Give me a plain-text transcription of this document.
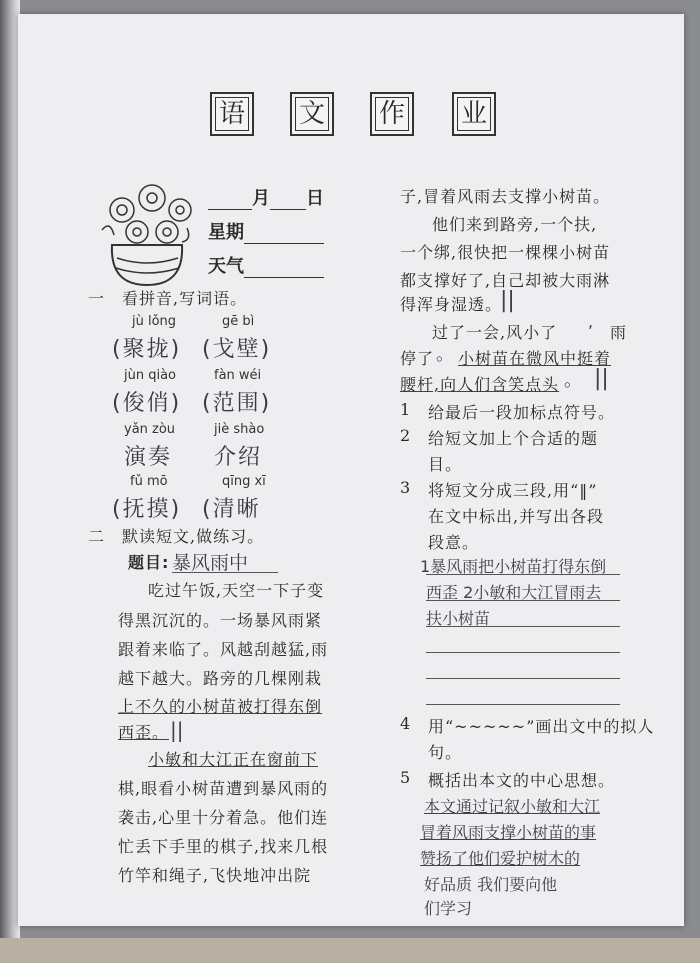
语	文	作	业
月 日
星期
天气
一　看拼音,写词语。
jù lǒng	gē bì
(聚拢) (戈壁)
jùn qiào	fàn wéi
(俊俏) (范围)
yǎn zòu	jiè shào
演奏 介绍
fǔ mō	qīng xī
(抚摸) (清晰
二　默读短文,做练习。
题目: 暴风雨中
吃过午饭,天空一下子变
得黑沉沉的。一场暴风雨紧
跟着来临了。风越刮越猛,雨
越下越大。路旁的几棵刚栽
上不久的小树苗被打得东倒
西歪。 ||
小敏和大江正在窗前下
棋,眼看小树苗遭到暴风雨的
袭击,心里十分着急。他们连
忙丢下手里的棋子,找来几根
竹竿和绳子,飞快地冲出院
子,冒着风雨去支撑小树苗。
他们来到路旁,一个扶,
一个绑,很快把一棵棵小树苗
都支撑好了,自己却被大雨淋
得浑身湿透。
||
过了一会,风小了
,
雨
停了 。 小树苗在微风中挺着
腰杆,向人们含笑点头 。 ||
1 给最后一段加标点符号。
2 给短文加上个合适的题
目。
3 将短文分成三段,用“‖”
在文中标出,并写出各段
段意。
1暴风雨把小树苗打得东倒
西歪 2小敏和大江冒雨去
扶小树苗
4 用“~~~~~”画出文中的拟人
句。
5 概括出本文的中心思想。
本文通过记叙小敏和大江
冒着风雨支撑小树苗的事
赞扬了他们爱护树木的
好品质 我们要向他
们学习
